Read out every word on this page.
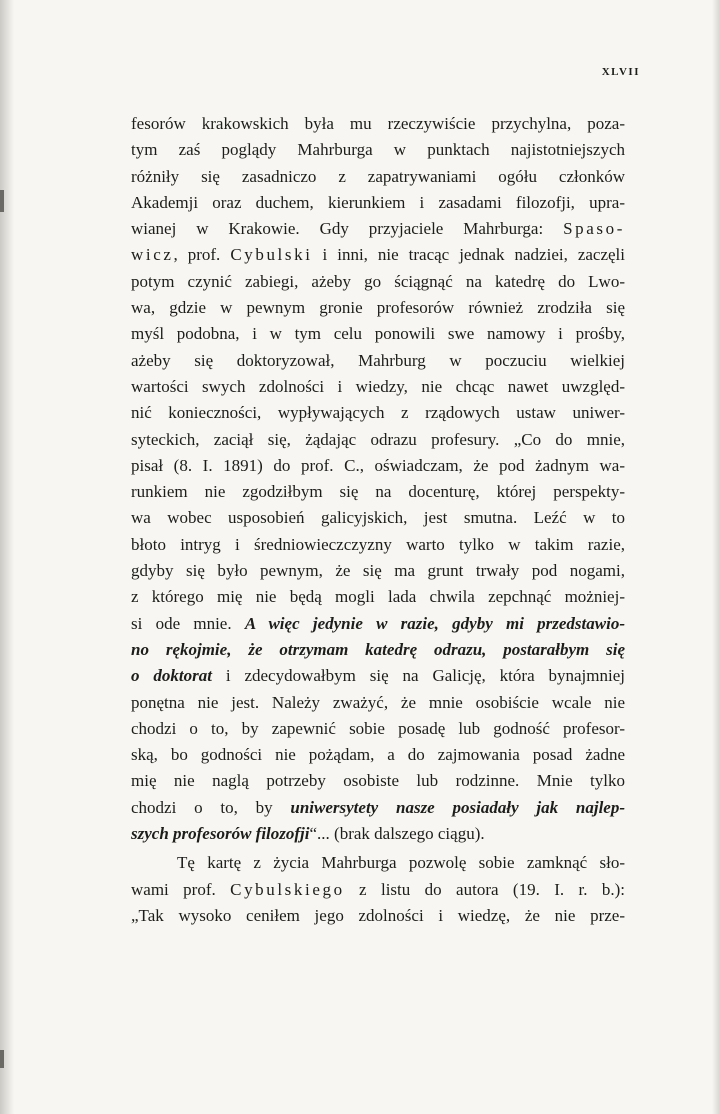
XLVII
fesorów krakowskich była mu rzeczywiście przychylna, poza-
tym zaś poglądy Mahrburga w punktach najistotniejszych
różniły się zasadniczo z zapatrywaniami ogółu członków
Akademji oraz duchem, kierunkiem i zasadami filozofji, upra-
wianej w Krakowie. Gdy przyjaciele Mahrburga: Spaso-
wicz, prof. Cybulski i inni, nie tracąc jednak nadziei, zaczęli
potym czynić zabiegi, ażeby go ściągnąć na katedrę do Lwo-
wa, gdzie w pewnym gronie profesorów również zrodziła się
myśl podobna, i w tym celu ponowili swe namowy i prośby,
ażeby się doktoryzował, Mahrburg w poczuciu wielkiej
wartości swych zdolności i wiedzy, nie chcąc nawet uwzględ-
nić konieczności, wypływających z rządowych ustaw uniwer-
syteckich, zaciął się, żądając odrazu profesury. „Co do mnie,
pisał (8. I. 1891) do prof. C., oświadczam, że pod żadnym wa-
runkiem nie zgodziłbym się na docenturę, której perspekty-
wa wobec usposobień galicyjskich, jest smutna. Leźć w to
błoto intryg i średniowieczczyzny warto tylko w takim razie,
gdyby się było pewnym, że się ma grunt trwały pod nogami,
z którego mię nie będą mogli lada chwila zepchnąć możniej-
si ode mnie. A więc jedynie w razie, gdyby mi przedstawio-
no rękojmie, że otrzymam katedrę odrazu, postarałbym się
o doktorat i zdecydowałbym się na Galicję, która bynajmniej
ponętna nie jest. Należy zważyć, że mnie osobiście wcale nie
chodzi o to, by zapewnić sobie posadę lub godność profesor-
ską, bo godności nie pożądam, a do zajmowania posad żadne
mię nie naglą potrzeby osobiste lub rodzinne. Mnie tylko
chodzi o to, by uniwersytety nasze posiadały jak najlep-
szych profesorów filozofji“... (brak dalszego ciągu).
Tę kartę z życia Mahrburga pozwolę sobie zamknąć sło-
wami prof. Cybulskiego z listu do autora (19. I. r. b.):
„Tak wysoko ceniłem jego zdolności i wiedzę, że nie prze-
